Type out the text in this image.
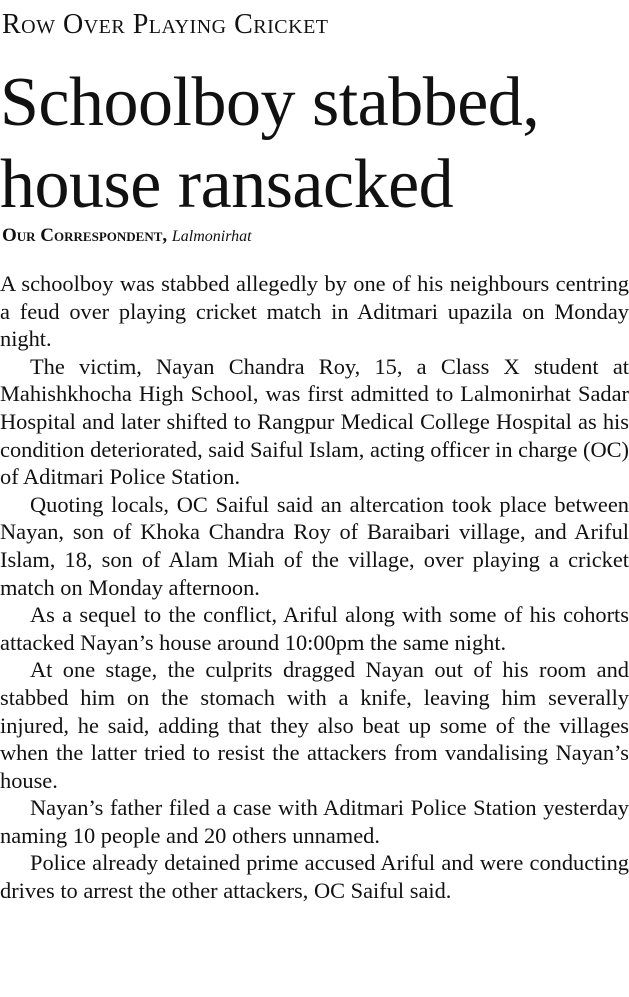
Row Over Playing Cricket
Schoolboy stabbed,
house ransacked
Our Correspondent, Lalmonirhat

A schoolboy was stabbed allegedly by one of his neighbours centring a feud over playing cricket match in Aditmari upazila on Monday night.

The victim, Nayan Chandra Roy, 15, a Class X student at Mahishkhocha High School, was first admitted to Lalmonirhat Sadar Hospital and later shifted to Rangpur Medical College Hospital as his condition deteriorated, said Saiful Islam, acting officer in charge (OC) of Aditmari Police Station.

Quoting locals, OC Saiful said an altercation took place between Nayan, son of Khoka Chandra Roy of Baraibari village, and Ariful Islam, 18, son of Alam Miah of the village, over playing a cricket match on Monday afternoon.

As a sequel to the conflict, Ariful along with some of his cohorts attacked Nayan’s house around 10:00pm the same night.

At one stage, the culprits dragged Nayan out of his room and stabbed him on the stomach with a knife, leaving him severally injured, he said, adding that they also beat up some of the villages when the latter tried to resist the attackers from vandalising Nayan’s house.

Nayan’s father filed a case with Aditmari Police Station yesterday naming 10 people and 20 others unnamed.

Police already detained prime accused Ariful and were conducting drives to arrest the other attackers, OC Saiful said.
